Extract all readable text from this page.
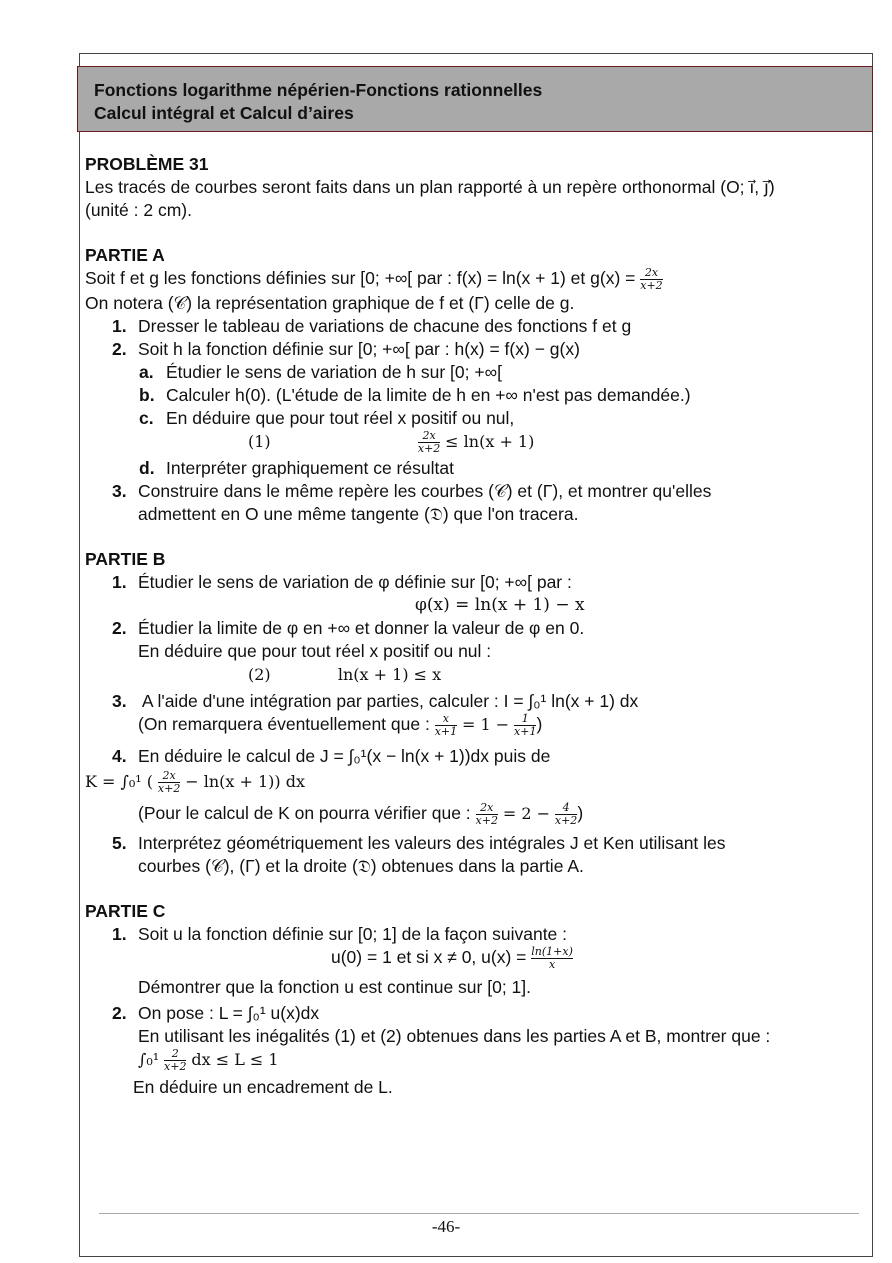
Fonctions logarithme népérien-Fonctions rationnelles
Calcul intégral et Calcul d’aires
PROBLÈME 31
Les tracés de courbes seront faits dans un plan rapporté à un repère orthonormal (O; i⃗, j⃗)
(unité : 2 cm).
PARTIE A
Soit f et g les fonctions définies sur [0; +∞[ par : f(x) = ln(x + 1) et $g(x) = \frac{2x}{x+2}$
On notera (𝒞) la représentation graphique de f et (Γ) celle de g.
1. Dresser le tableau de variations de chacune des fonctions f et g
2. Soit h la fonction définie sur [0; +∞[ par : h(x) = f(x) − g(x)
a. Étudier le sens de variation de h sur [0; +∞[
b. Calculer h(0). (L'étude de la limite de h en +∞ n'est pas demandée.)
c. En déduire que pour tout réel x positif ou nul,
(1)	$\frac{2x}{x+2} \le \ln(x + 1)$
d. Interpréter graphiquement ce résultat
3. Construire dans le même repère les courbes (𝒞) et (Γ), et montrer qu'elles
admettent en O une même tangente (𝔇) que l'on tracera.
PARTIE B
1. Étudier le sens de variation de φ définie sur [0; +∞[ par :
φ(x) = ln(x + 1) − x
2. Étudier la limite de φ en +∞ et donner la valeur de φ en 0.
En déduire que pour tout réel x positif ou nul :
(2)	ln(x + 1) ≤ x
3. A l'aide d'une intégration par parties, calculer : I = ∫₀¹ ln(x + 1) dx
(On remarquera éventuellement que : $\frac{x}{x+1} = 1 - \frac{1}{x+1}$ )
4. En déduire le calcul de J = ∫₀¹(x − ln(x + 1))dx puis de
K = ∫₀¹ ( $\frac{2x}{x+2} - \ln(x + 1)$) dx
(Pour le calcul de K on pourra vérifier que : $\frac{2x}{x+2} = 2 - \frac{4}{x+2}$ )
5. Interprétez géométriquement les valeurs des intégrales J et Ken utilisant les
courbes (𝒞), (Γ) et la droite (𝔇) obtenues dans la partie A.
PARTIE C
1. Soit u la fonction définie sur [0; 1] de la façon suivante :
u(0) = 1 et si x ≠ 0, $u(x) = \frac{\ln(1+x)}{x}$
Démontrer que la fonction u est continue sur [0; 1].
2. On pose : L = ∫₀¹ u(x)dx
En utilisant les inégalités (1) et (2) obtenues dans les parties A et B, montrer que :
$\int_0^1 \frac{2}{x+2}$ dx ≤ L ≤ 1
En déduire un encadrement de L.
-46-
